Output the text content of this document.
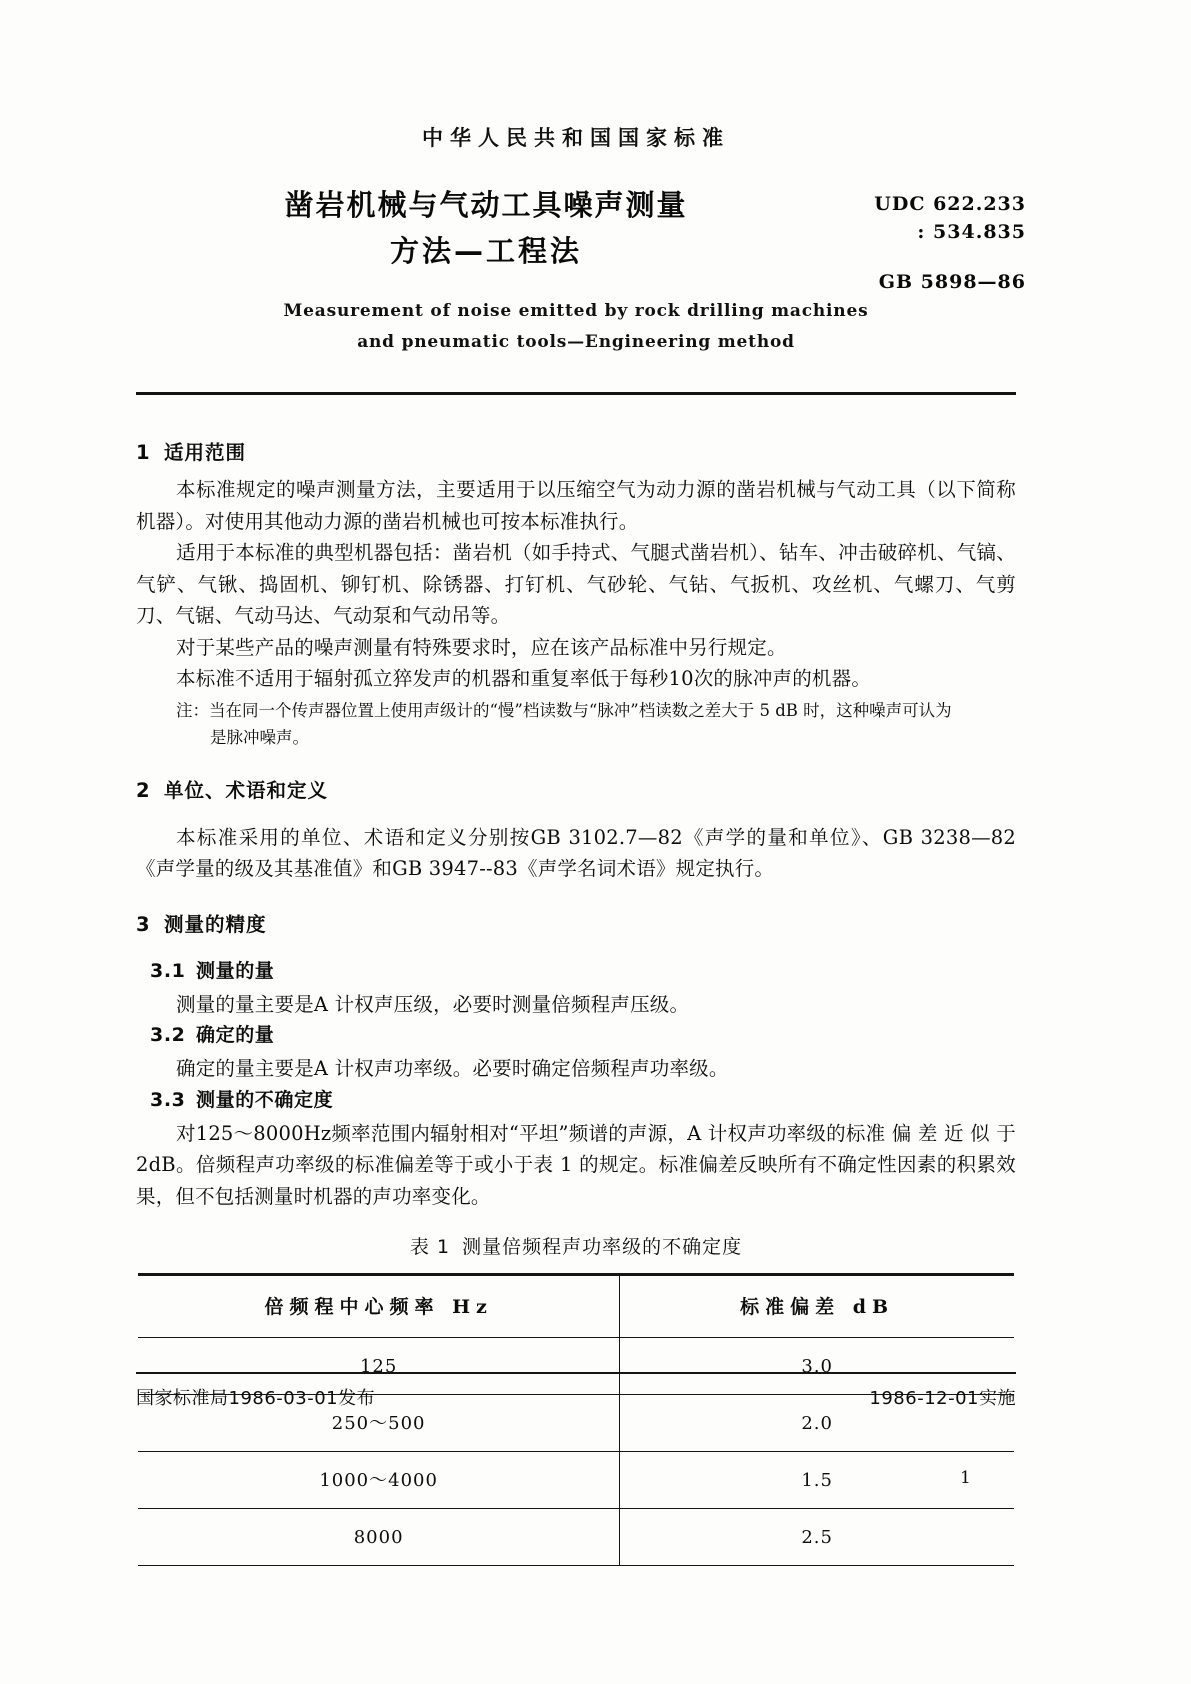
中华人民共和国国家标准
凿岩机械与气动工具噪声测量
方法—工程法
UDC 622.233
: 534.835
GB 5898—86
Measurement of noise emitted by rock drilling machines
and pneumatic tools—Engineering method
1 适用范围

本标准规定的噪声测量方法，主要适用于以压缩空气为动力源的凿岩机械与气动工具（以下简称机器）。对使用其他动力源的凿岩机械也可按本标准执行。

适用于本标准的典型机器包括：凿岩机（如手持式、气腿式凿岩机）、钻车、冲击破碎机、气镐、气铲、气锹、捣固机、铆钉机、除锈器、打钉机、气砂轮、气钻、气扳机、攻丝机、气螺刀、气剪刀、气锯、气动马达、气动泵和气动吊等。

对于某些产品的噪声测量有特殊要求时，应在该产品标准中另行规定。

本标准不适用于辐射孤立猝发声的机器和重复率低于每秒10次的脉冲声的机器。

注：当在同一个传声器位置上使用声级计的“慢”档读数与“脉冲”档读数之差大于 5 dB 时，这种噪声可认为
是脉冲噪声。

2 单位、术语和定义

本标准采用的单位、术语和定义分别按GB 3102.7—82《声学的量和单位》、GB 3238—82《声学量的级及其基准值》和GB 3947--83《声学名词术语》规定执行。

3 测量的精度
3.1 测量的量

测量的量主要是A 计权声压级，必要时测量倍频程声压级。

3.2 确定的量

确定的量主要是A 计权声功率级。必要时确定倍频程声功率级。

3.3 测量的不确定度

对125～8000Hz频率范围内辐射相对“平坦”频谱的声源，A 计权声功率级的标准 偏 差 近 似 于 2dB。倍频程声功率级的标准偏差等于或小于表 1 的规定。标准偏差反映所有不确定性因素的积累效果，但不包括测量时机器的声功率变化。

表 1 测量倍频程声功率级的不确定度
倍频程中心频率 Hz	标准偏差 dB
125	3.0
250～500	2.0
1000～4000	1.5
8000	2.5
国家标准局1986-03-01发布	1986-12-01实施
1
